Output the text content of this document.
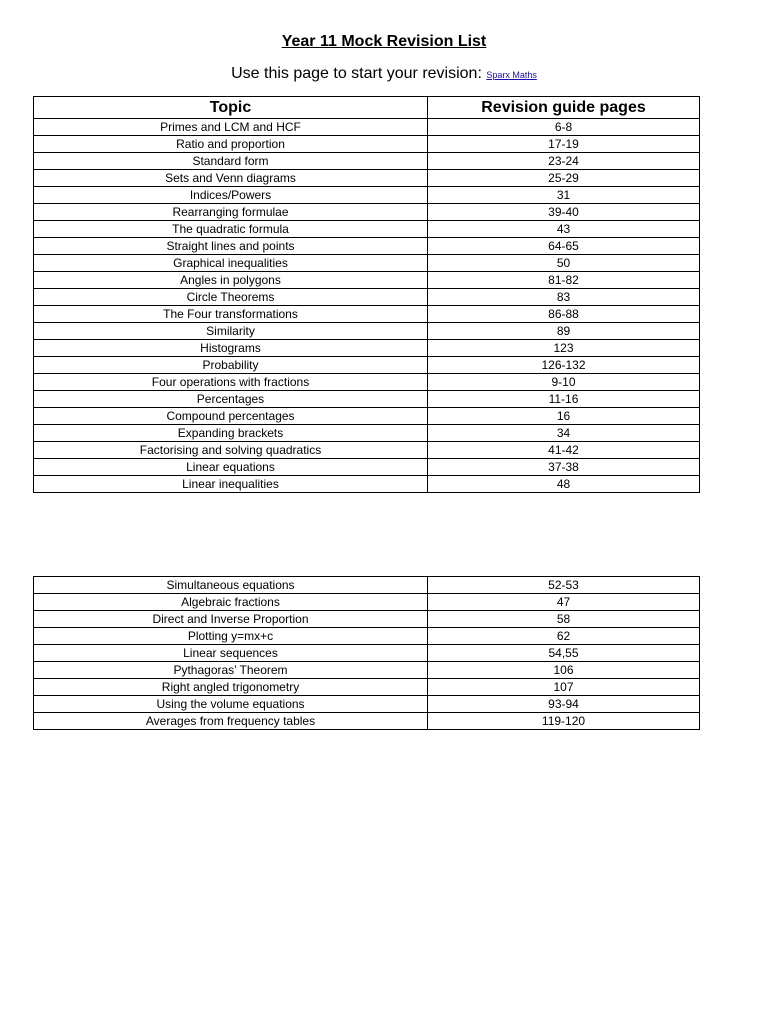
Year 11 Mock Revision List
Use this page to start your revision: Sparx Maths
Topic	Revision guide pages
Primes and LCM and HCF	6-8
Ratio and proportion	17-19
Standard form	23-24
Sets and Venn diagrams	25-29
Indices/Powers	31
Rearranging formulae	39-40
The quadratic formula	43
Straight lines and points	64-65
Graphical inequalities	50
Angles in polygons	81-82
Circle Theorems	83
The Four transformations	86-88
Similarity	89
Histograms	123
Probability	126-132
Four operations with fractions	9-10
Percentages	11-16
Compound percentages	16
Expanding brackets	34
Factorising and solving quadratics	41-42
Linear equations	37-38
Linear inequalities	48
Simultaneous equations	52-53
Algebraic fractions	47
Direct and Inverse Proportion	58
Plotting y=mx+c	62
Linear sequences	54,55
Pythagoras’ Theorem	106
Right angled trigonometry	107
Using the volume equations	93-94
Averages from frequency tables	119-120
